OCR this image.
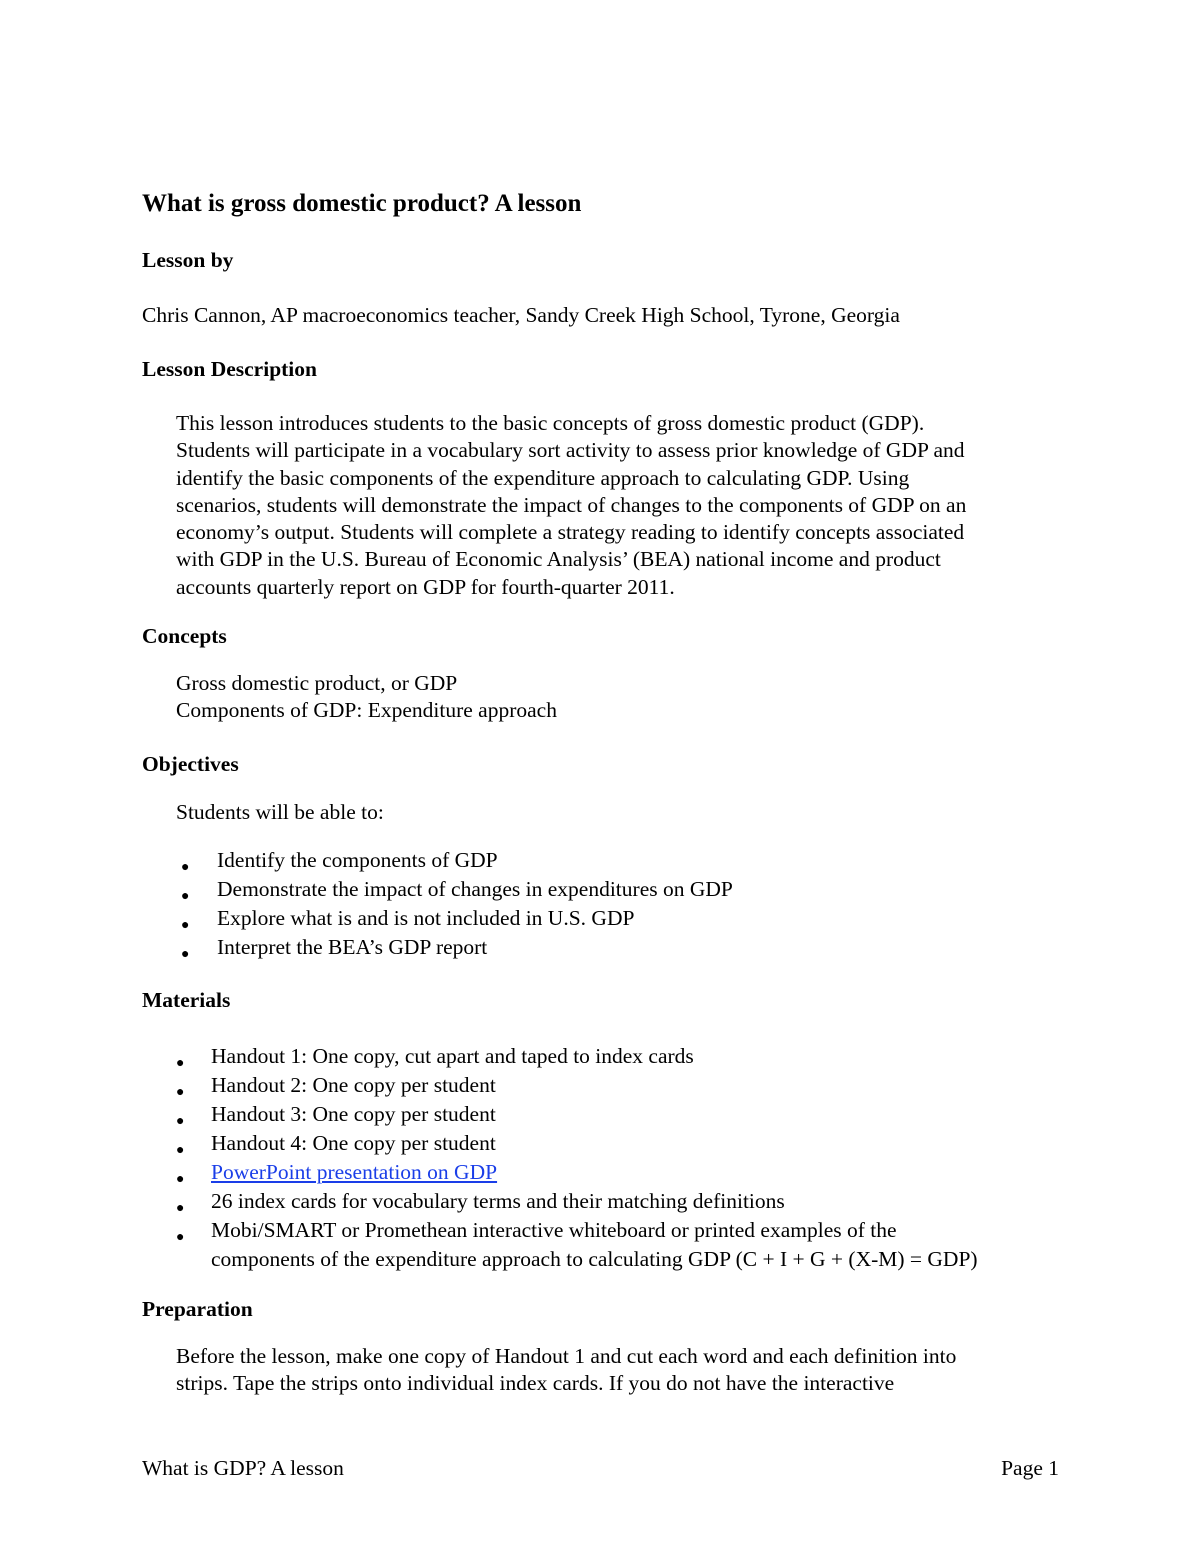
What is gross domestic product? A lesson
Lesson by

Chris Cannon, AP macroeconomics teacher, Sandy Creek High School, Tyrone, Georgia

Lesson Description

This lesson introduces students to the basic concepts of gross domestic product (GDP).
Students will participate in a vocabulary sort activity to assess prior knowledge of GDP and
identify the basic components of the expenditure approach to calculating GDP. Using
scenarios, students will demonstrate the impact of changes to the components of GDP on an
economy’s output. Students will complete a strategy reading to identify concepts associated
with GDP in the U.S. Bureau of Economic Analysis’ (BEA) national income and product
accounts quarterly report on GDP for fourth-quarter 2011.

Concepts

Gross domestic product, or GDP
Components of GDP: Expenditure approach

Objectives

Students will be able to:

● Identify the components of GDP
● Demonstrate the impact of changes in expenditures on GDP
● Explore what is and is not included in U.S. GDP
● Interpret the BEA’s GDP report
Materials
● Handout 1: One copy, cut apart and taped to index cards
● Handout 2: One copy per student
● Handout 3: One copy per student
● Handout 4: One copy per student
● PowerPoint presentation on GDP
● 26 index cards for vocabulary terms and their matching definitions
● Mobi/SMART or Promethean interactive whiteboard or printed examples of the
components of the expenditure approach to calculating GDP (C + I + G + (X-M) = GDP)
Preparation

Before the lesson, make one copy of Handout 1 and cut each word and each definition into
strips. Tape the strips onto individual index cards. If you do not have the interactive

What is GDP? A lesson	Page 1
